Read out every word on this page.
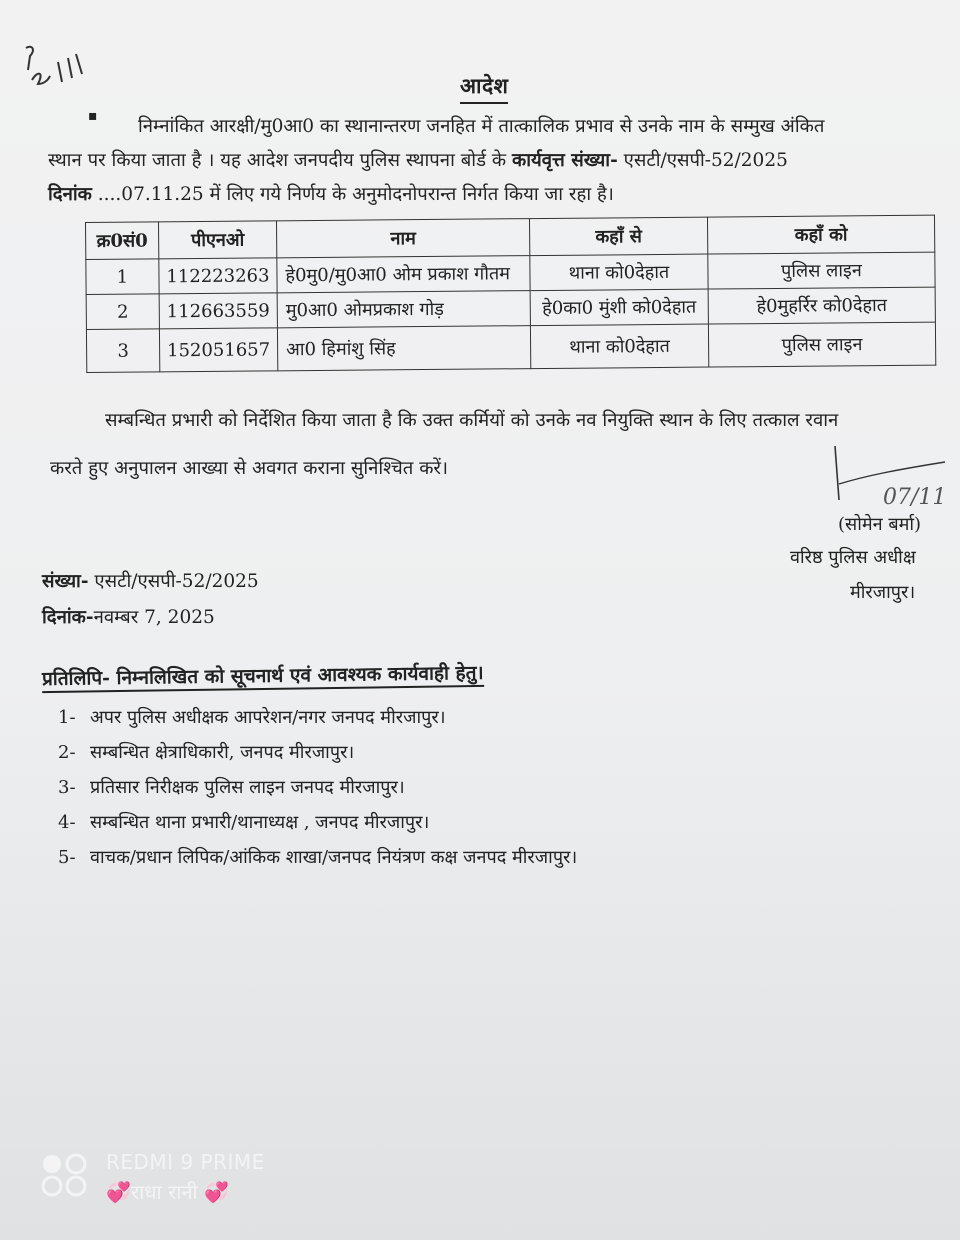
आदेश
▪ निम्नांकित आरक्षी/मु0आ0 का स्थानान्तरण जनहित में तात्कालिक प्रभाव से उनके नाम के सम्मुख अंकित
स्थान पर किया जाता है । यह आदेश जनपदीय पुलिस स्थापना बोर्ड के कार्यवृत्त संख्या- एसटी/एसपी-52/2025
दिनांक ....07.11.25 में लिए गये निर्णय के अनुमोदनोपरान्त निर्गत किया जा रहा है।
क्र0सं0	पीएनओ	नाम	कहाँ से	कहाँ को
1	112223263	हे0मु0/मु0आ0 ओम प्रकाश गौतम	थाना को0देहात	पुलिस लाइन
2	112663559	मु0आ0 ओमप्रकाश गोड़	हे0का0 मुंशी को0देहात	हे0मुहर्रिर को0देहात
3	152051657	आ0 हिमांशु सिंह	थाना को0देहात	पुलिस लाइन
सम्बन्धित प्रभारी को निर्देशित किया जाता है कि उक्त कर्मियों को उनके नव नियुक्ति स्थान के लिए तत्काल रवान
करते हुए अनुपालन आख्या से अवगत कराना सुनिश्चित करें।
07/11
(सोमेन बर्मा)
वरिष्ठ पुलिस अधीक्ष
मीरजापुर।
संख्या- एसटी/एसपी-52/2025
दिनांक-नवम्बर 7, 2025
प्रतिलिपि- निम्नलिखित को सूचनार्थ एवं आवश्यक कार्यवाही हेतु।
1- अपर पुलिस अधीक्षक आपरेशन/नगर जनपद मीरजापुर।
2- सम्बन्धित क्षेत्राधिकारी, जनपद मीरजापुर।
3- प्रतिसार निरीक्षक पुलिस लाइन जनपद मीरजापुर।
4- सम्बन्धित थाना प्रभारी/थानाध्यक्ष , जनपद मीरजापुर।
5- वाचक/प्रधान लिपिक/आंकिक शाखा/जनपद नियंत्रण कक्ष जनपद मीरजापुर।
REDMI 9 PRIME
💞राधा रानी 💞
